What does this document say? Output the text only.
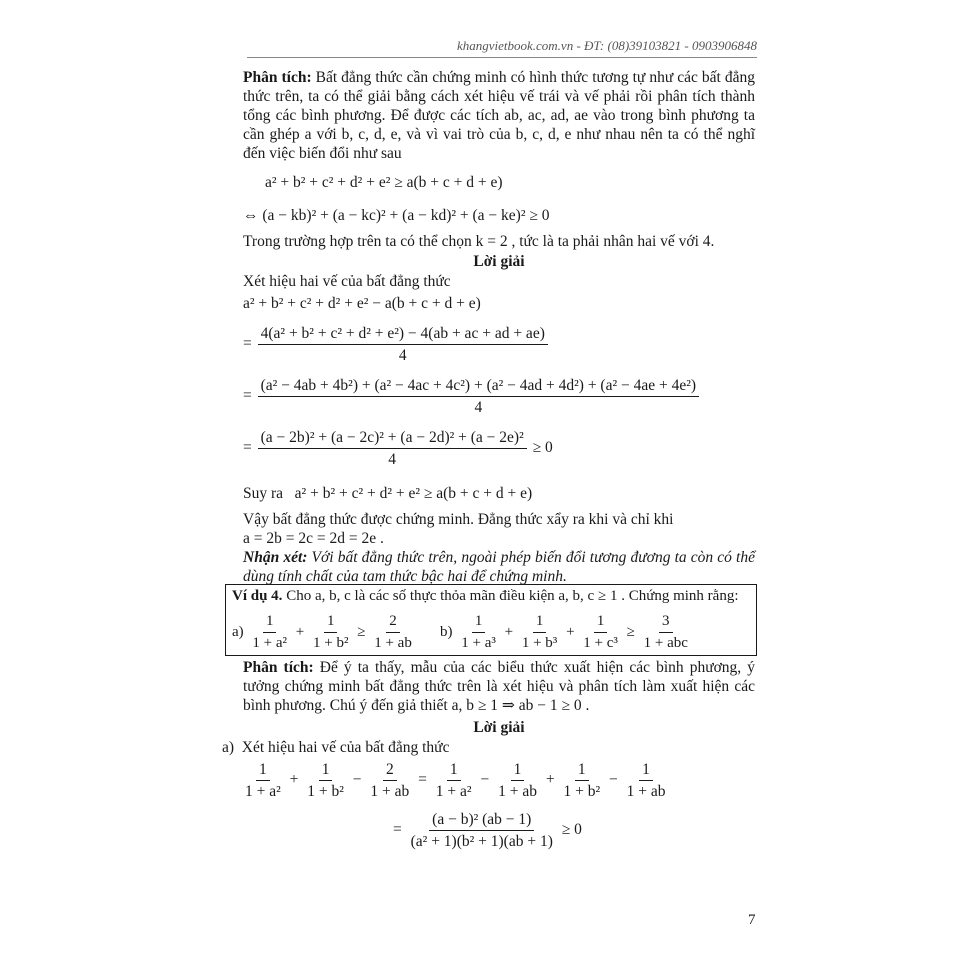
khangvietbook.com.vn - ĐT: (08)39103821 - 0903906848
Phân tích: Bất đẳng thức cần chứng minh có hình thức tương tự như các bất đẳng thức trên, ta có thể giải bằng cách xét hiệu vế trái và vế phải rồi phân tích thành tổng các bình phương. Để được các tích ab, ac, ad, ae vào trong bình phương ta cần ghép a với b, c, d, e, và vì vai trò của b, c, d, e như nhau nên ta có thể nghĩ đến việc biến đổi như sau
a² + b² + c² + d² + e² ≥ a(b + c + d + e)
⇔ (a − kb)² + (a − kc)² + (a − kd)² + (a − ke)² ≥ 0
Trong trường hợp trên ta có thể chọn k = 2 , tức là ta phải nhân hai vế với 4.
Lời giải
Xét hiệu hai vế của bất đẳng thức
a² + b² + c² + d² + e² − a(b + c + d + e)
= $\frac{\text{4(a² + b² + c² + d² + e²) − 4(ab + ac + ad + ae)}}{4}$
=
(a² − 4ab + 4b²) + (a² − 4ac + 4c²) + (a² − 4ad + 4d²) + (a² − 4ae + 4e²)
4
= $\frac{\text{(a − 2b)² + (a − 2c)² + (a − 2d)² + (a − 2e)²}}{4} \ge 0$
Suy ra a² + b² + c² + d² + e² ≥ a(b + c + d + e)
Vậy bất đẳng thức được chứng minh. Đẳng thức xẩy ra khi và chỉ khi
a = 2b = 2c = 2d = 2e .
Nhận xét: Với bất đẳng thức trên, ngoài phép biến đổi tương đương ta còn có thể dùng tính chất của tam thức bậc hai để chứng minh.
Ví dụ 4. Cho a, b, c là các số thực thỏa mãn điều kiện a, b, c ≥ 1 . Chứng minh rằng:
$a) \frac{1}{\text{1 + a²}} + \frac{1}{\text{1 + b²}} \ge \frac{2}{1 + ab} b) \frac{1}{\text{1 + a³}} + \frac{1}{\text{1 + b³}} + \frac{1}{\text{1 + c³}} \ge \frac{3}{\text{1 + abc}}$
Phân tích: Để ý ta thấy, mẫu của các biểu thức xuất hiện các bình phương, ý tưởng chứng minh bất đẳng thức trên là xét hiệu và phân tích làm xuất hiện các bình phương. Chú ý đến giả thiết a, b ≥ 1 ⇒ ab − 1 ≥ 0 .
Lời giải
a) Xét hiệu hai vế của bất đẳng thức
$\frac{1}{\text{1 + a²}} + \frac{1}{\text{1 + b²}} - \frac{2}{1 + ab} = \frac{1}{\text{1 + a²}} - \frac{1}{1 + ab} + \frac{1}{\text{1 + b²}} - \frac{1}{1 + ab}$
= $\frac{\text{(a − b)² (ab − 1)}}{\text{(a² + 1)(b² + 1)(ab + 1)}} \ge 0$
7
